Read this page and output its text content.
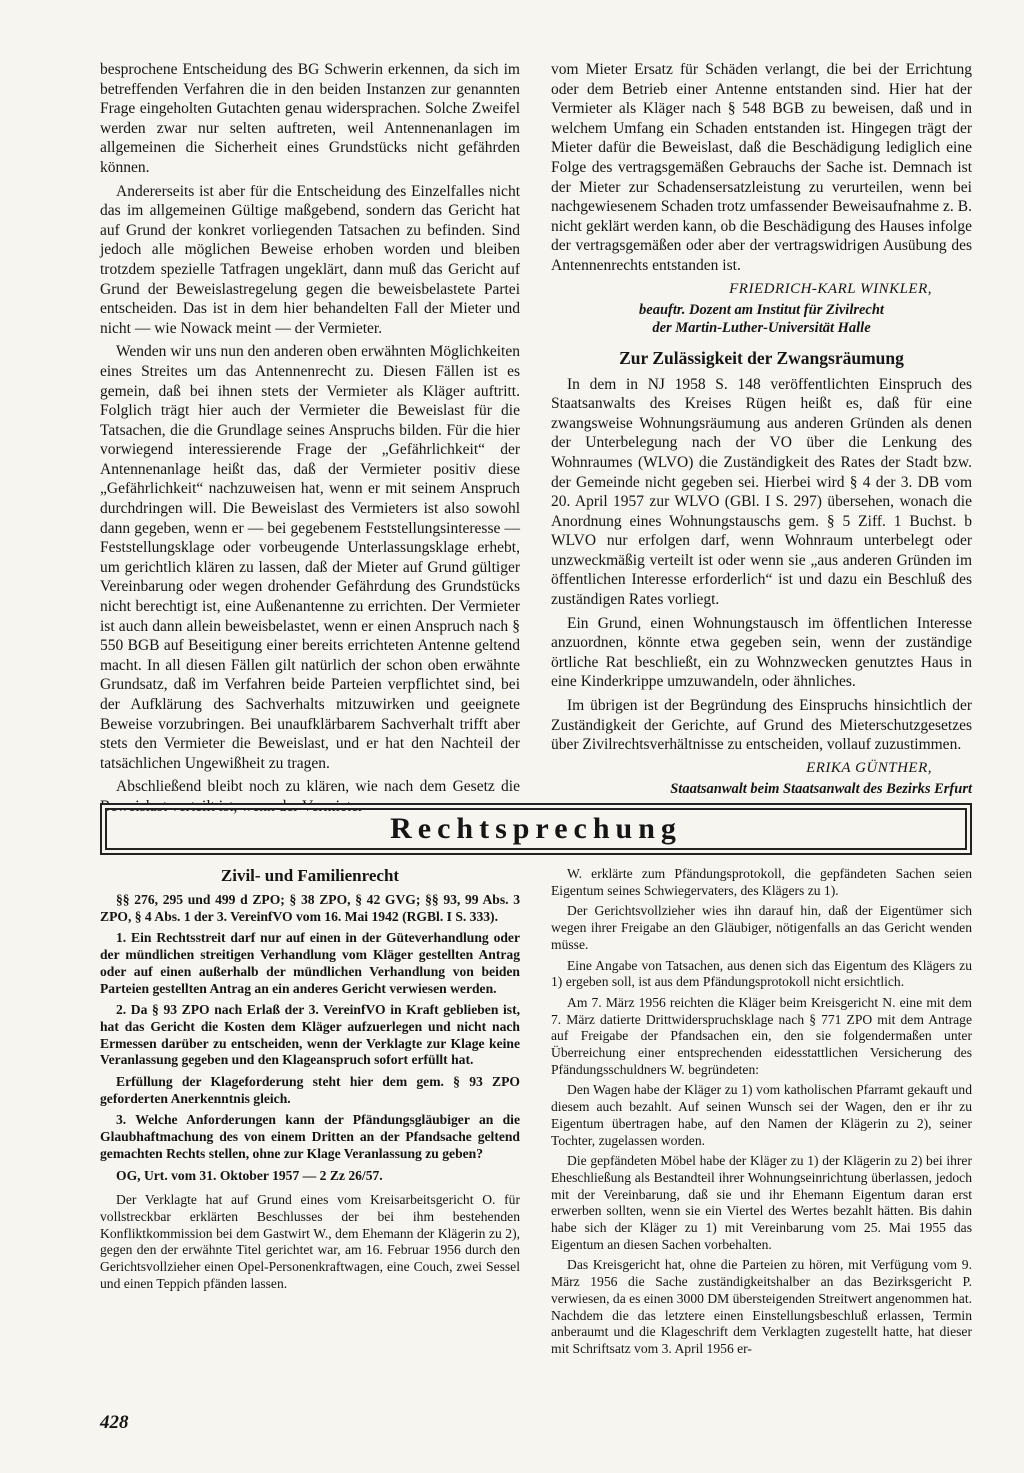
besprochene Entscheidung des BG Schwerin erkennen, da sich im betreffenden Verfahren die in den beiden Instanzen zur genannten Frage eingeholten Gutachten genau widersprachen. Solche Zweifel werden zwar nur selten auftreten, weil Antennenanlagen im allgemeinen die Sicherheit eines Grundstücks nicht gefährden können.

Andererseits ist aber für die Entscheidung des Einzelfalles nicht das im allgemeinen Gültige maßgebend, sondern das Gericht hat auf Grund der konkret vorliegenden Tatsachen zu befinden. Sind jedoch alle möglichen Beweise erhoben worden und bleiben trotzdem spezielle Tatfragen ungeklärt, dann muß das Gericht auf Grund der Beweislastregelung gegen die beweisbelastete Partei entscheiden. Das ist in dem hier behandelten Fall der Mieter und nicht — wie Nowack meint — der Vermieter.

Wenden wir uns nun den anderen oben erwähnten Möglichkeiten eines Streites um das Antennenrecht zu. Diesen Fällen ist es gemein, daß bei ihnen stets der Vermieter als Kläger auftritt. Folglich trägt hier auch der Vermieter die Beweislast für die Tatsachen, die die Grundlage seines Anspruchs bilden. Für die hier vorwiegend interessierende Frage der „Gefährlichkeit“ der Antennenanlage heißt das, daß der Vermieter positiv diese „Gefährlichkeit“ nachzuweisen hat, wenn er mit seinem Anspruch durchdringen will. Die Beweislast des Vermieters ist also sowohl dann gegeben, wenn er — bei gegebenem Feststellungsinteresse — Feststellungsklage oder vorbeugende Unterlassungsklage erhebt, um gerichtlich klären zu lassen, daß der Mieter auf Grund gültiger Vereinbarung oder wegen drohender Gefährdung des Grundstücks nicht berechtigt ist, eine Außenantenne zu errichten. Der Vermieter ist auch dann allein beweisbelastet, wenn er einen Anspruch nach § 550 BGB auf Beseitigung einer bereits errichteten Antenne geltend macht. In all diesen Fällen gilt natürlich der schon oben erwähnte Grundsatz, daß im Verfahren beide Parteien verpflichtet sind, bei der Aufklärung des Sachverhalts mitzuwirken und geeignete Beweise vorzubringen. Bei unaufklärbarem Sachverhalt trifft aber stets den Vermieter die Beweislast, und er hat den Nachteil der tatsächlichen Ungewißheit zu tragen.

Abschließend bleibt noch zu klären, wie nach dem Gesetz die Beweislast verteilt ist, wenn der Vermieter

vom Mieter Ersatz für Schäden verlangt, die bei der Errichtung oder dem Betrieb einer Antenne entstanden sind. Hier hat der Vermieter als Kläger nach § 548 BGB zu beweisen, daß und in welchem Umfang ein Schaden entstanden ist. Hingegen trägt der Mieter dafür die Beweislast, daß die Beschädigung lediglich eine Folge des vertragsgemäßen Gebrauchs der Sache ist. Demnach ist der Mieter zur Schadensersatzleistung zu verurteilen, wenn bei nachgewiesenem Schaden trotz umfassender Beweisaufnahme z. B. nicht geklärt werden kann, ob die Beschädigung des Hauses infolge der vertragsgemäßen oder aber der vertragswidrigen Ausübung des Antennenrechts entstanden ist.

FRIEDRICH-KARL WINKLER,
beauftr. Dozent am Institut für Zivilrecht
der Martin-Luther-Universität Halle
Zur Zulässigkeit der Zwangsräumung

In dem in NJ 1958 S. 148 veröffentlichten Einspruch des Staatsanwalts des Kreises Rügen heißt es, daß für eine zwangsweise Wohnungsräumung aus anderen Gründen als denen der Unterbelegung nach der VO über die Lenkung des Wohnraumes (WLVO) die Zuständigkeit des Rates der Stadt bzw. der Gemeinde nicht gegeben sei. Hierbei wird § 4 der 3. DB vom 20. April 1957 zur WLVO (GBl. I S. 297) übersehen, wonach die Anordnung eines Wohnungstauschs gem. § 5 Ziff. 1 Buchst. b WLVO nur erfolgen darf, wenn Wohnraum unterbelegt oder unzweckmäßig verteilt ist oder wenn sie „aus anderen Gründen im öffentlichen Interesse erforderlich“ ist und dazu ein Beschluß des zuständigen Rates vorliegt.

Ein Grund, einen Wohnungstausch im öffentlichen Interesse anzuordnen, könnte etwa gegeben sein, wenn der zuständige örtliche Rat beschließt, ein zu Wohnzwecken genutztes Haus in eine Kinderkrippe umzuwandeln, oder ähnliches.

Im übrigen ist der Begründung des Einspruchs hinsichtlich der Zuständigkeit der Gerichte, auf Grund des Mieterschutzgesetzes über Zivilrechtsverhältnisse zu entscheiden, vollauf zuzustimmen.

ERIKA GÜNTHER,
Staatsanwalt beim Staatsanwalt des Bezirks Erfurt
Rechtsprechung
Zivil- und Familienrecht

§§ 276, 295 und 499 d ZPO; § 38 ZPO, § 42 GVG; §§ 93, 99 Abs. 3 ZPO, § 4 Abs. 1 der 3. VereinfVO vom 16. Mai 1942 (RGBl. I S. 333).

1. Ein Rechtsstreit darf nur auf einen in der Güteverhandlung oder der mündlichen streitigen Verhandlung vom Kläger gestellten Antrag oder auf einen außerhalb der mündlichen Verhandlung von beiden Parteien gestellten Antrag an ein anderes Gericht verwiesen werden.

2. Da § 93 ZPO nach Erlaß der 3. VereinfVO in Kraft geblieben ist, hat das Gericht die Kosten dem Kläger aufzuerlegen und nicht nach Ermessen darüber zu entscheiden, wenn der Verklagte zur Klage keine Veranlassung gegeben und den Klageanspruch sofort erfüllt hat.

Erfüllung der Klageforderung steht hier dem gem. § 93 ZPO geforderten Anerkenntnis gleich.

3. Welche Anforderungen kann der Pfändungsgläubiger an die Glaubhaftmachung des von einem Dritten an der Pfandsache geltend gemachten Rechts stellen, ohne zur Klage Veranlassung zu geben?

OG, Urt. vom 31. Oktober 1957 — 2 Zz 26/57.

Der Verklagte hat auf Grund eines vom Kreisarbeitsgericht O. für vollstreckbar erklärten Beschlusses der bei ihm bestehenden Konfliktkommission bei dem Gastwirt W., dem Ehemann der Klägerin zu 2), gegen den der erwähnte Titel gerichtet war, am 16. Februar 1956 durch den Gerichtsvollzieher einen Opel-Personenkraftwagen, eine Couch, zwei Sessel und einen Teppich pfänden lassen.

W. erklärte zum Pfändungsprotokoll, die gepfändeten Sachen seien Eigentum seines Schwiegervaters, des Klägers zu 1).

Der Gerichtsvollzieher wies ihn darauf hin, daß der Eigentümer sich wegen ihrer Freigabe an den Gläubiger, nötigenfalls an das Gericht wenden müsse.

Eine Angabe von Tatsachen, aus denen sich das Eigentum des Klägers zu 1) ergeben soll, ist aus dem Pfändungsprotokoll nicht ersichtlich.

Am 7. März 1956 reichten die Kläger beim Kreisgericht N. eine mit dem 7. März datierte Drittwiderspruchsklage nach § 771 ZPO mit dem Antrage auf Freigabe der Pfandsachen ein, den sie folgendermaßen unter Überreichung einer entsprechenden eidesstattlichen Versicherung des Pfändungsschuldners W. begründeten:

Den Wagen habe der Kläger zu 1) vom katholischen Pfarramt gekauft und diesem auch bezahlt. Auf seinen Wunsch sei der Wagen, den er ihr zu Eigentum übertragen habe, auf den Namen der Klägerin zu 2), seiner Tochter, zugelassen worden.

Die gepfändeten Möbel habe der Kläger zu 1) der Klägerin zu 2) bei ihrer Eheschließung als Bestandteil ihrer Wohnungseinrichtung überlassen, jedoch mit der Vereinbarung, daß sie und ihr Ehemann Eigentum daran erst erwerben sollten, wenn sie ein Viertel des Wertes bezahlt hätten. Bis dahin habe sich der Kläger zu 1) mit Vereinbarung vom 25. Mai 1955 das Eigentum an diesen Sachen vorbehalten.

Das Kreisgericht hat, ohne die Parteien zu hören, mit Verfügung vom 9. März 1956 die Sache zuständigkeitshalber an das Bezirksgericht P. verwiesen, da es einen 3000 DM übersteigenden Streitwert angenommen hat. Nachdem die das letztere einen Einstellungsbeschluß erlassen, Termin anberaumt und die Klageschrift dem Verklagten zugestellt hatte, hat dieser mit Schriftsatz vom 3. April 1956 er-

428
